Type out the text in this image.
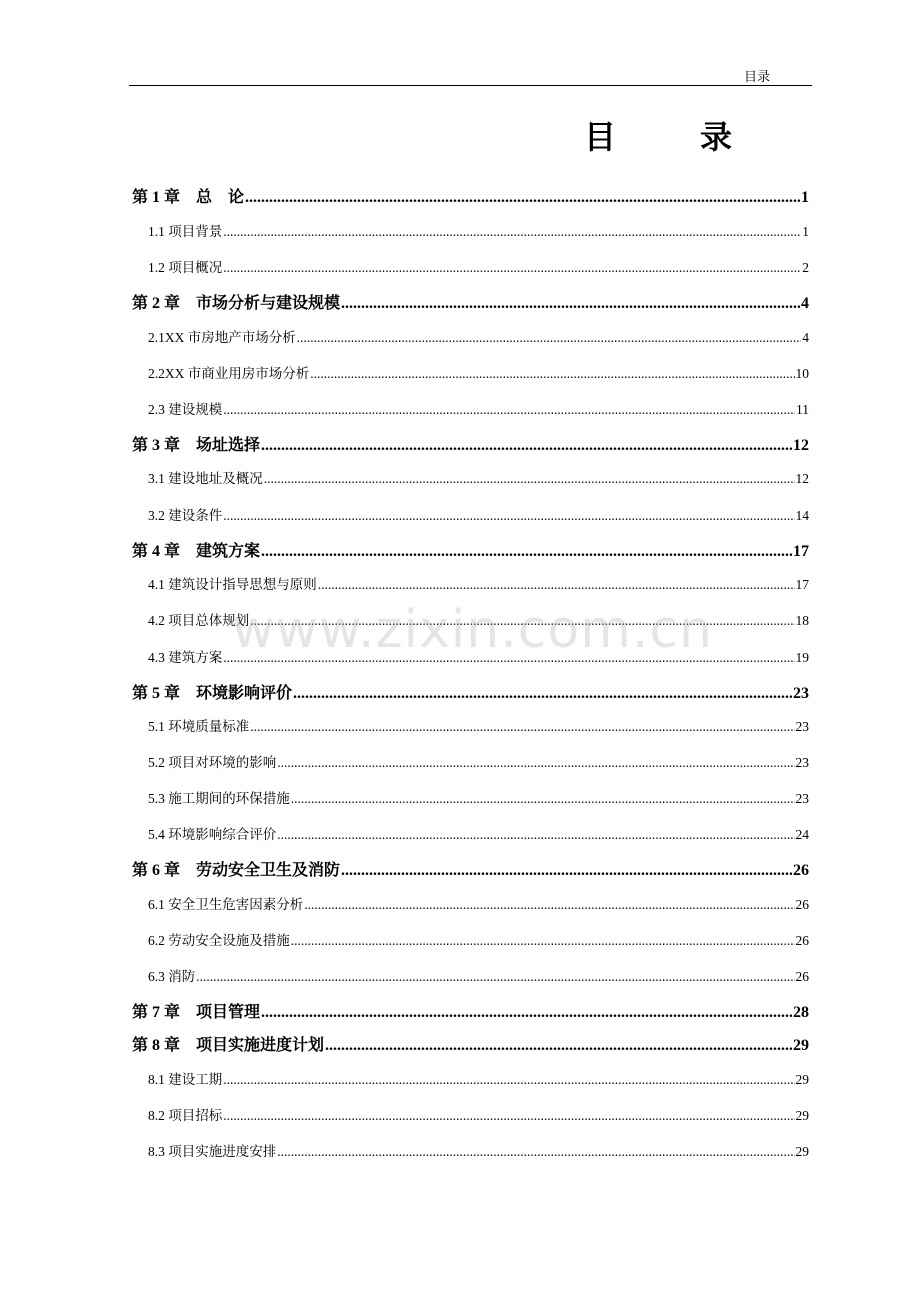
目录
目	录
第 1 章    总    论 .....	1
1.1 项目背景 .....	1
1.2 项目概况 .....	2
第 2 章    市场分析与建设规模 .....	4
2.1XX 市房地产市场分析 .....	4
2.2XX 市商业用房市场分析 .....	10
2.3 建设规模 .....	11
第 3 章    场址选择 .....	12
3.1 建设地址及概况 .....	12
3.2 建设条件 .....	14
第 4 章    建筑方案 .....	17
4.1 建筑设计指导思想与原则 .....	17
4.2 项目总体规划 .....	18
4.3 建筑方案 .....	19
第 5 章    环境影响评价 .....	23
5.1 环境质量标准 .....	23
5.2 项目对环境的影响 .....	23
5.3 施工期间的环保措施 .....	23
5.4 环境影响综合评价 .....	24
第 6 章    劳动安全卫生及消防 .....	26
6.1 安全卫生危害因素分析 .....	26
6.2 劳动安全设施及措施 .....	26
6.3 消防 .....	26
第 7 章    项目管理 .....	28
第 8 章    项目实施进度计划 .....	29
8.1 建设工期 .....	29
8.2 项目招标 .....	29
8.3 项目实施进度安排 .....	29
www.zixin.com.cn
